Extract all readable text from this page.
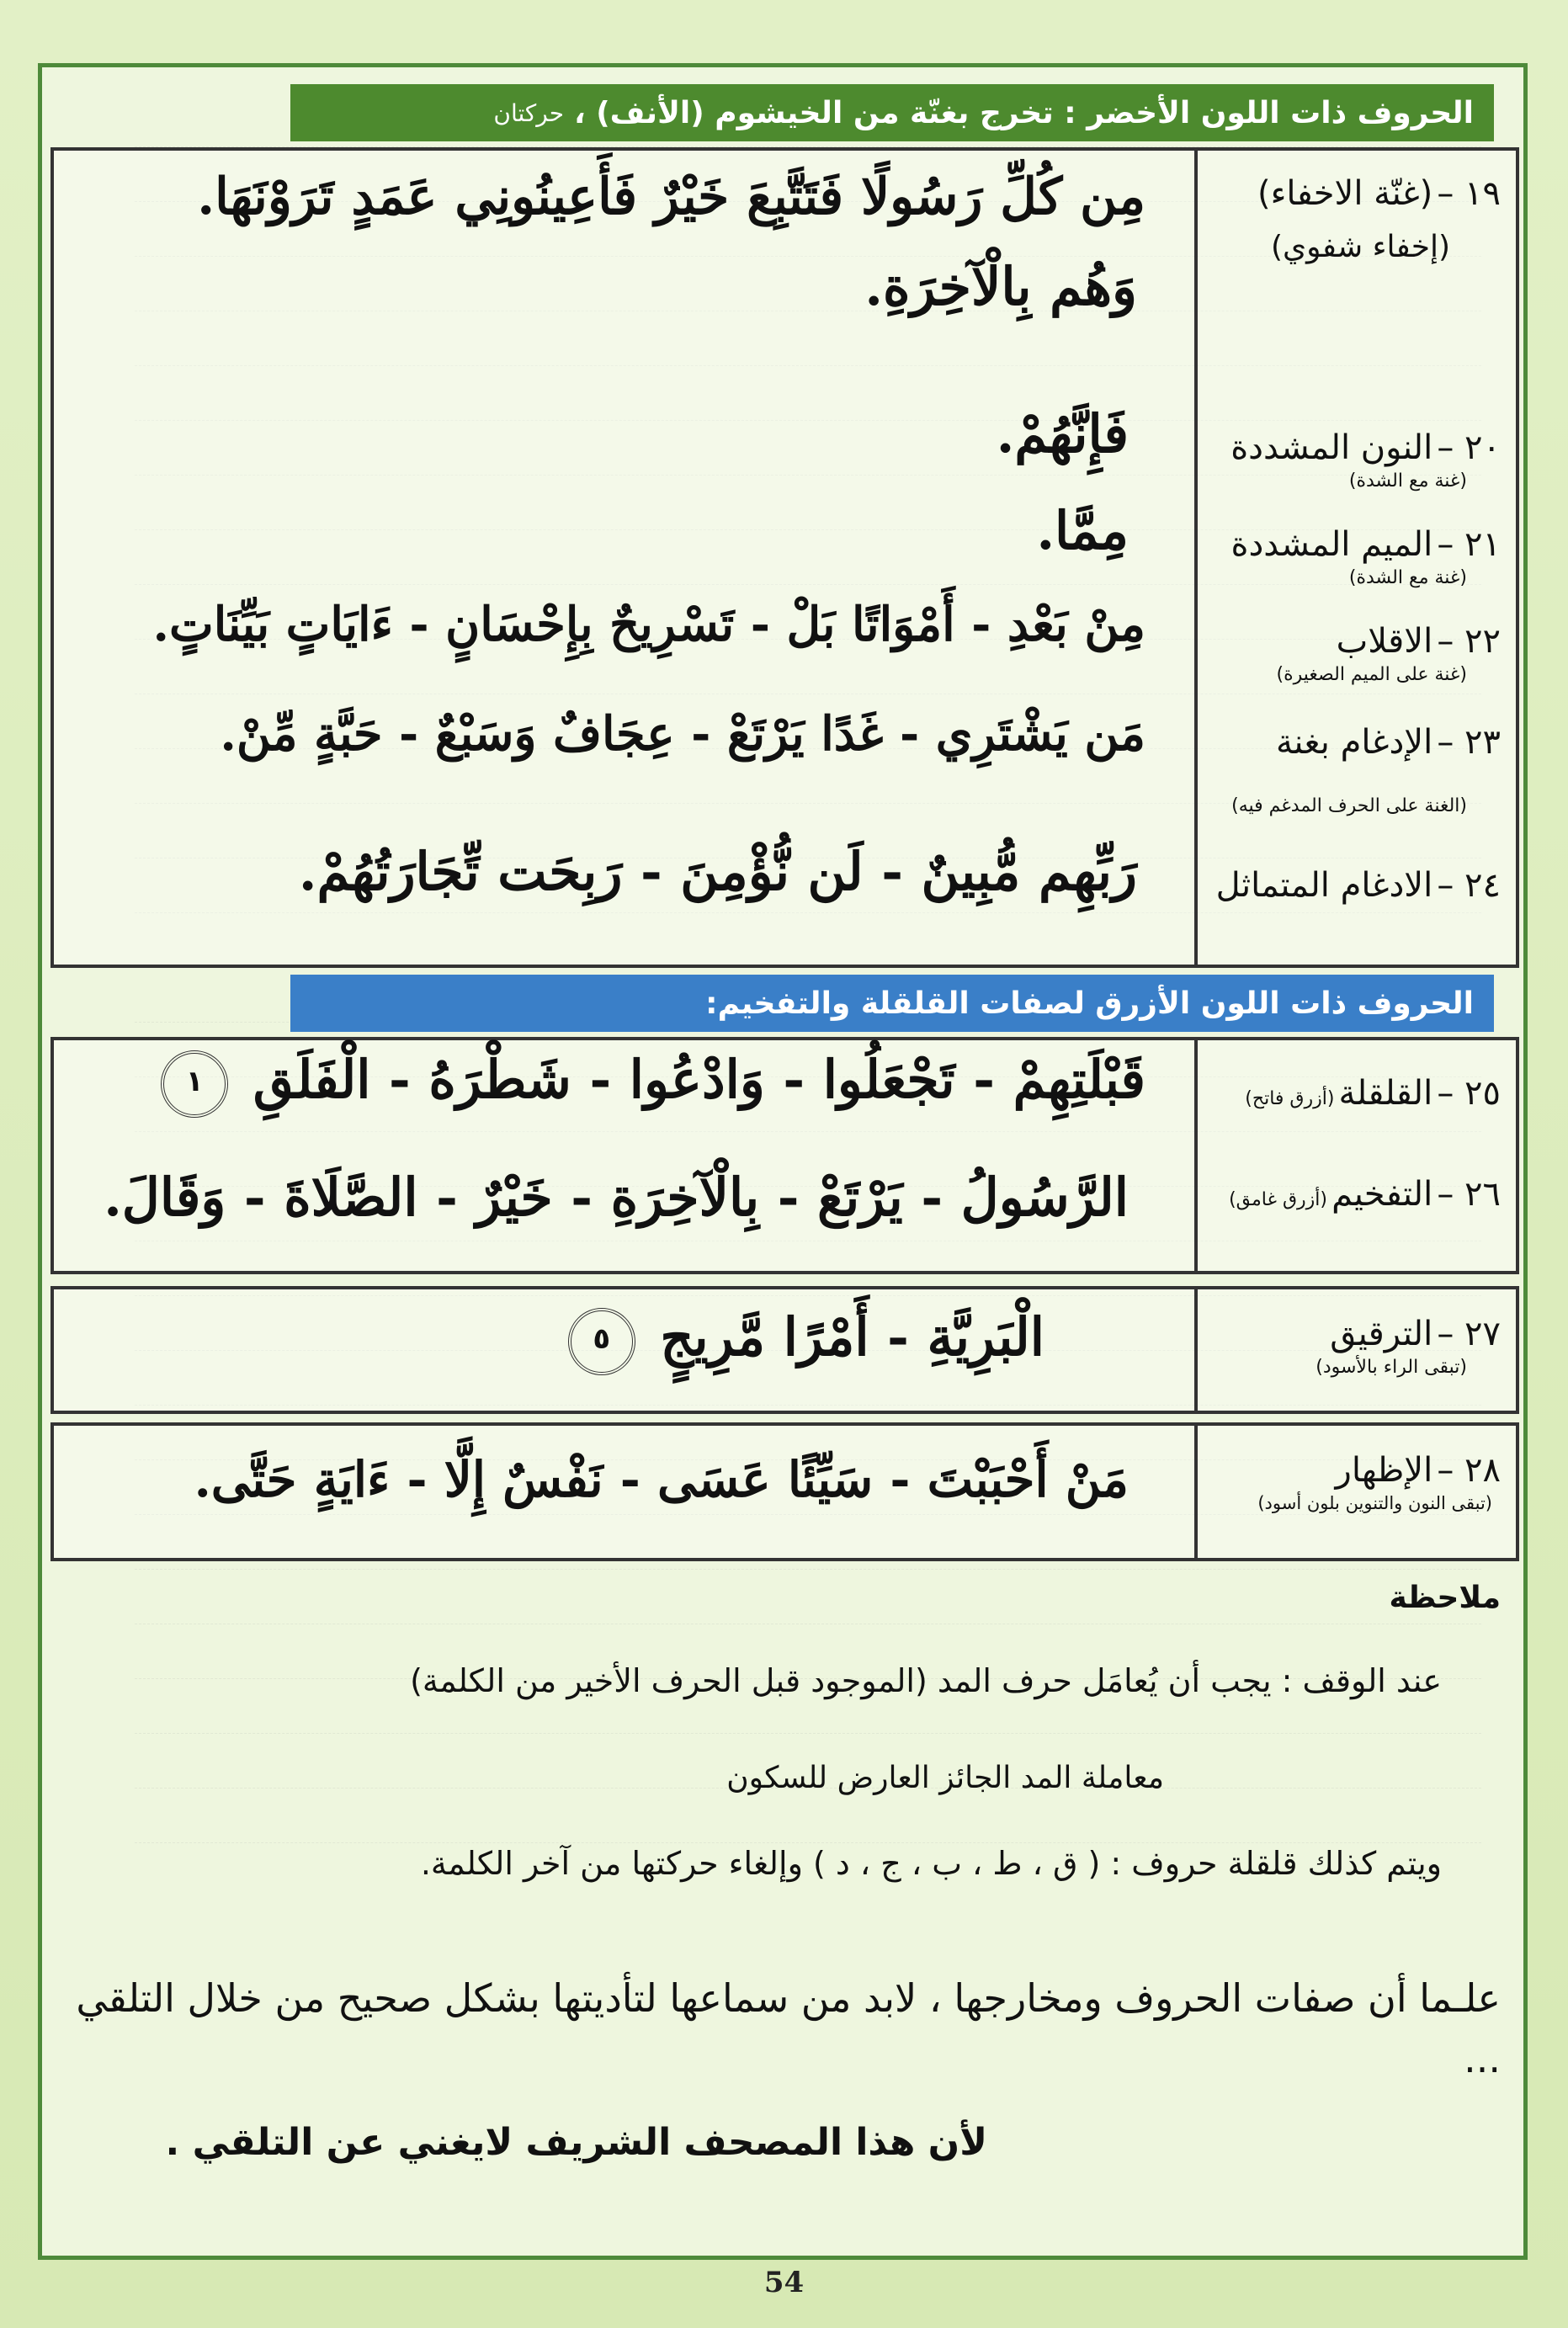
الحروف ذات اللون الأخضر : تخرج بغنّة من الخيشوم (الأنف) ،
حركتان
١٩ – (غنّة الاخفاء)
(إخفاء شفوي)
٢٠ – النون المشددة
(غنة مع الشدة)
٢١ – الميم المشددة
(غنة مع الشدة)
٢٢ – الاقلاب
(غنة على الميم الصغيرة)
٢٣ – الإدغام بغنة
(الغنة على الحرف المدغم فيه)
٢٤ – الادغام المتماثل
مِن كُلِّ رَسُولًا فَتَتَّبِعَ خَيْرٌ فَأَعِينُونِي عَمَدٍ تَرَوْنَهَا.
وَهُم بِالْآخِرَةِ.
فَإِنَّهُمْ.
مِمَّا.
مِنْ بَعْدِ - أَمْوَاتًا بَلْ - تَسْرِيحٌ بِإِحْسَانٍ - ءَايَاتٍ بَيِّنَاتٍ.
مَن يَشْتَرِي - غَدًا يَرْتَعْ - عِجَافٌ وَسَبْعٌ - حَبَّةٍ مِّنْ.
رَبِّهِم مُّبِينٌ - لَن نُّؤْمِنَ - رَبِحَت تِّجَارَتُهُمْ.
الحروف ذات اللون الأزرق لصفات القلقلة والتفخيم:
٢٥ – القلقلة (أزرق فاتح)
٢٦ – التفخيم (أزرق غامق)
قَبْلَتِهِمْ - تَجْعَلُوا - وَادْعُوا - شَطْرَهُ - الْفَلَقِ ١
الرَّسُولُ - يَرْتَعْ - بِالْآخِرَةِ - خَيْرٌ - الصَّلَاةَ - وَقَالَ.
٢٧ – الترقيق
(تبقى الراء بالأسود)
الْبَرِيَّةِ - أَمْرًا مَّرِيجٍ ٥
٢٨ – الإظهار
(تبقى النون والتنوين بلون أسود)
مَنْ أَحْبَبْتَ - سَيِّئًا عَسَى - نَفْسٌ إِلَّا - ءَايَةٍ حَتَّى.
ملاحظة
عند الوقف : يجب أن يُعامَل حرف المد (الموجود قبل الحرف الأخير من الكلمة)
معاملة المد الجائز العارض للسكون
ويتم كذلك قلقلة حروف : ( ق ، ط ، ب ، ج ، د ) وإلغاء حركتها من آخر الكلمة.
علـما أن صفات الحروف ومخارجها ، لابد من سماعها لتأديتها بشكل صحيح من خلال التلقي ...
لأن هذا المصحف الشريف لايغني عن التلقي .
54
